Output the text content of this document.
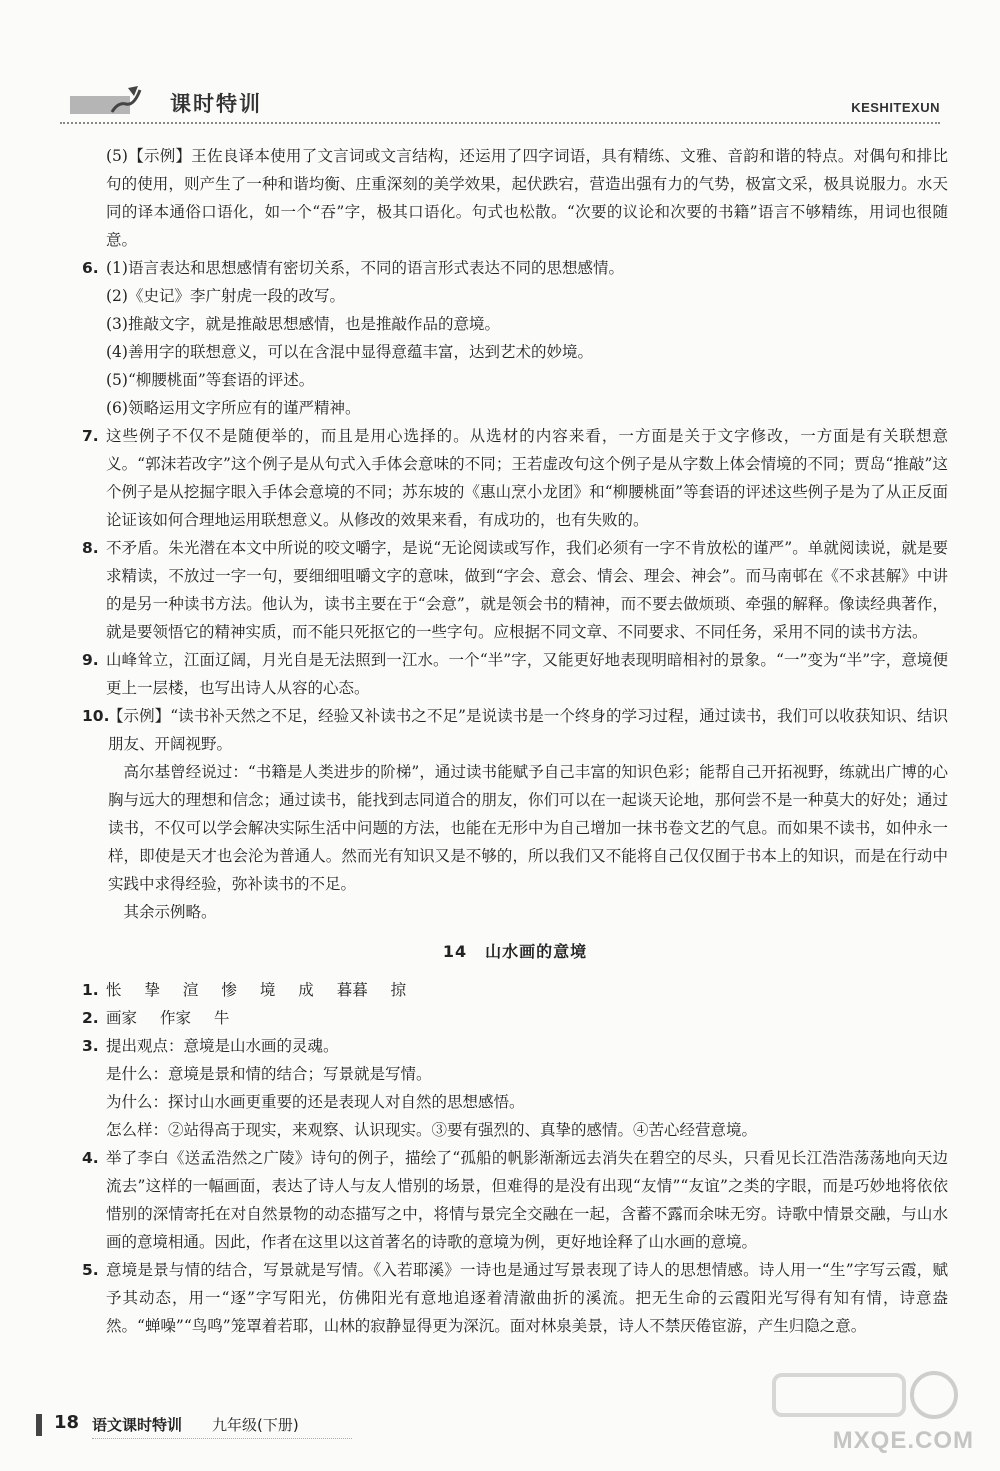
课时特训	KESHITEXUN

(5)【示例】王佐良译本使用了文言词或文言结构，还运用了四字词语，具有精练、文雅、音韵和谐的特点。对偶句和排比句的使用，则产生了一种和谐均衡、庄重深刻的美学效果，起伏跌宕，营造出强有力的气势，极富文采，极具说服力。水天同的译本通俗口语化，如一个“吞”字，极其口语化。句式也松散。“次要的议论和次要的书籍”语言不够精练，用词也很随意。

6. (1)语言表达和思想感情有密切关系，不同的语言形式表达不同的思想感情。

(2)《史记》李广射虎一段的改写。

(3)推敲文字，就是推敲思想感情，也是推敲作品的意境。

(4)善用字的联想意义，可以在含混中显得意蕴丰富，达到艺术的妙境。

(5)“柳腰桃面”等套语的评述。

(6)领略运用文字所应有的谨严精神。

7. 这些例子不仅不是随便举的，而且是用心选择的。从选材的内容来看，一方面是关于文字修改，一方面是有关联想意义。“郭沫若改字”这个例子是从句式入手体会意味的不同；王若虚改句这个例子是从字数上体会情境的不同；贾岛“推敲”这个例子是从挖掘字眼入手体会意境的不同；苏东坡的《惠山烹小龙团》和“柳腰桃面”等套语的评述这些例子是为了从正反面论证该如何合理地运用联想意义。从修改的效果来看，有成功的，也有失败的。

8. 不矛盾。朱光潜在本文中所说的咬文嚼字，是说“无论阅读或写作，我们必须有一字不肯放松的谨严”。单就阅读说，就是要求精读，不放过一字一句，要细细咀嚼文字的意味，做到“字会、意会、情会、理会、神会”。而马南邨在《不求甚解》中讲的是另一种读书方法。他认为，读书主要在于“会意”，就是领会书的精神，而不要去做烦琐、牵强的解释。像读经典著作，就是要领悟它的精神实质，而不能只死抠它的一些字句。应根据不同文章、不同要求、不同任务，采用不同的读书方法。

9. 山峰耸立，江面辽阔，月光自是无法照到一江水。一个“半”字，又能更好地表现明暗相衬的景象。“一”变为“半”字，意境便更上一层楼，也写出诗人从容的心态。

10.

【示例】“读书补天然之不足，经验又补读书之不足”是说读书是一个终身的学习过程，通过读书，我们可以收获知识、结识朋友、开阔视野。

高尔基曾经说过：“书籍是人类进步的阶梯”，通过读书能赋予自己丰富的知识色彩；能帮自己开拓视野，练就出广博的心胸与远大的理想和信念；通过读书，能找到志同道合的朋友，你们可以在一起谈天论地，那何尝不是一种莫大的好处；通过读书，不仅可以学会解决实际生活中问题的方法，也能在无形中为自己增加一抹书卷文艺的气息。而如果不读书，如仲永一样，即使是天才也会沦为普通人。然而光有知识又是不够的，所以我们又不能将自己仅仅囿于书本上的知识，而是在行动中实践中求得经验，弥补读书的不足。

其余示例略。

14 山水画的意境
1. 怅 挚 渲 惨 境 成 暮暮 掠

2. 画家 作家 牛

3. 提出观点：意境是山水画的灵魂。

是什么：意境是景和情的结合；写景就是写情。

为什么：探讨山水画更重要的还是表现人对自然的思想感悟。

怎么样：②站得高于现实，来观察、认识现实。③要有强烈的、真挚的感情。④苦心经营意境。

4. 举了李白《送孟浩然之广陵》诗句的例子，描绘了“孤船的帆影渐渐远去消失在碧空的尽头，只看见长江浩浩荡荡地向天边流去”这样的一幅画面，表达了诗人与友人惜别的场景，但难得的是没有出现“友情”“友谊”之类的字眼，而是巧妙地将依依惜别的深情寄托在对自然景物的动态描写之中，将情与景完全交融在一起，含蓄不露而余味无穷。诗歌中情景交融，与山水画的意境相通。因此，作者在这里以这首著名的诗歌的意境为例，更好地诠释了山水画的意境。

5. 意境是景与情的结合，写景就是写情。《入若耶溪》一诗也是通过写景表现了诗人的思想情感。诗人用一“生”字写云霞，赋予其动态，用一“逐”字写阳光，仿佛阳光有意地追逐着清澈曲折的溪流。把无生命的云霞阳光写得有知有情，诗意盎然。“蝉噪”“鸟鸣”笼罩着若耶，山林的寂静显得更为深沉。面对林泉美景，诗人不禁厌倦宦游，产生归隐之意。

18 语文课时特训 九年级(下册)
MXQE.COM
